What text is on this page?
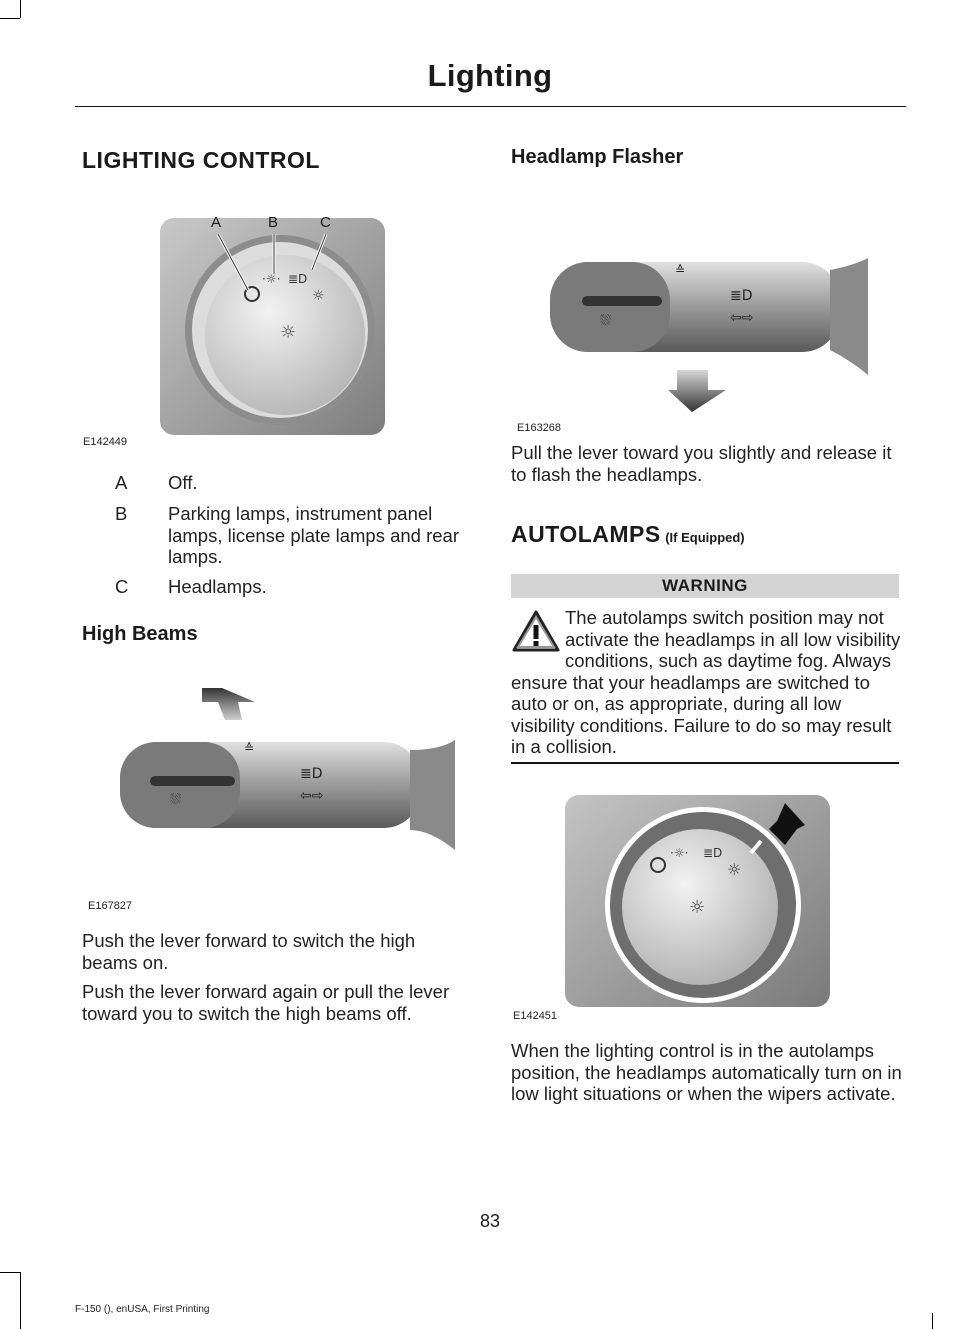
Lighting
LIGHTING CONTROL
·☼· ≣D
☼
☼
A	B	C
E142449
A Off.
B Parking lamps, instrument panel lamps, license plate lamps and rear lamps.
C Headlamps.
High Beams
⛆
≙
≣D
⇦⇨
E167827
Push the lever forward to switch the high beams on.
Push the lever forward again or pull the lever toward you to switch the high beams off.
Headlamp Flasher
⛆
≙
≣D
⇦⇨
E163268
Pull the lever toward you slightly and release it to flash the headlamps.
AUTOLAMPS (If Equipped)
WARNING
The autolamps switch position may not activate the headlamps in all low visibility conditions, such as daytime fog. Always ensure that your headlamps are switched to auto or on, as appropriate, during all low visibility conditions. Failure to do so may result in a collision.
·☼· ≣D
☼
☼
E142451
When the lighting control is in the autolamps position, the headlamps automatically turn on in low light situations or when the wipers activate.
83
F-150 (), enUSA, First Printing
